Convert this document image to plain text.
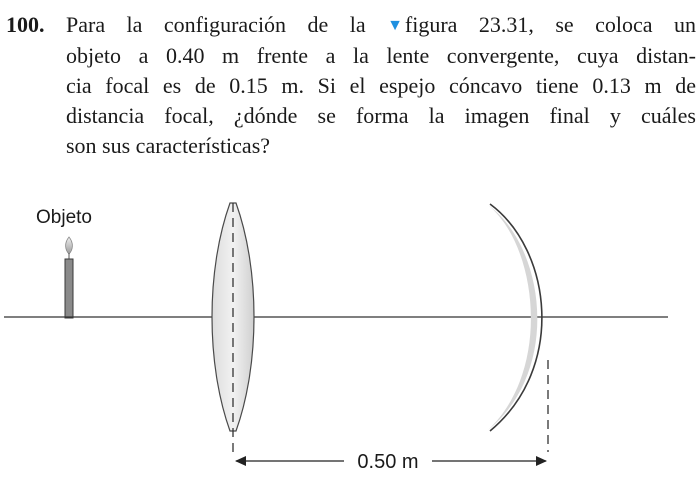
100. Para la configuración de la ▼figura 23.31, se coloca un
objeto a 0.40 m frente a la lente convergente, cuya distan-
cia focal es de 0.15 m. Si el espejo cóncavo tiene 0.13 m de
distancia focal, ¿dónde se forma la imagen final y cuáles
son sus características?
Objeto
0.50 m
